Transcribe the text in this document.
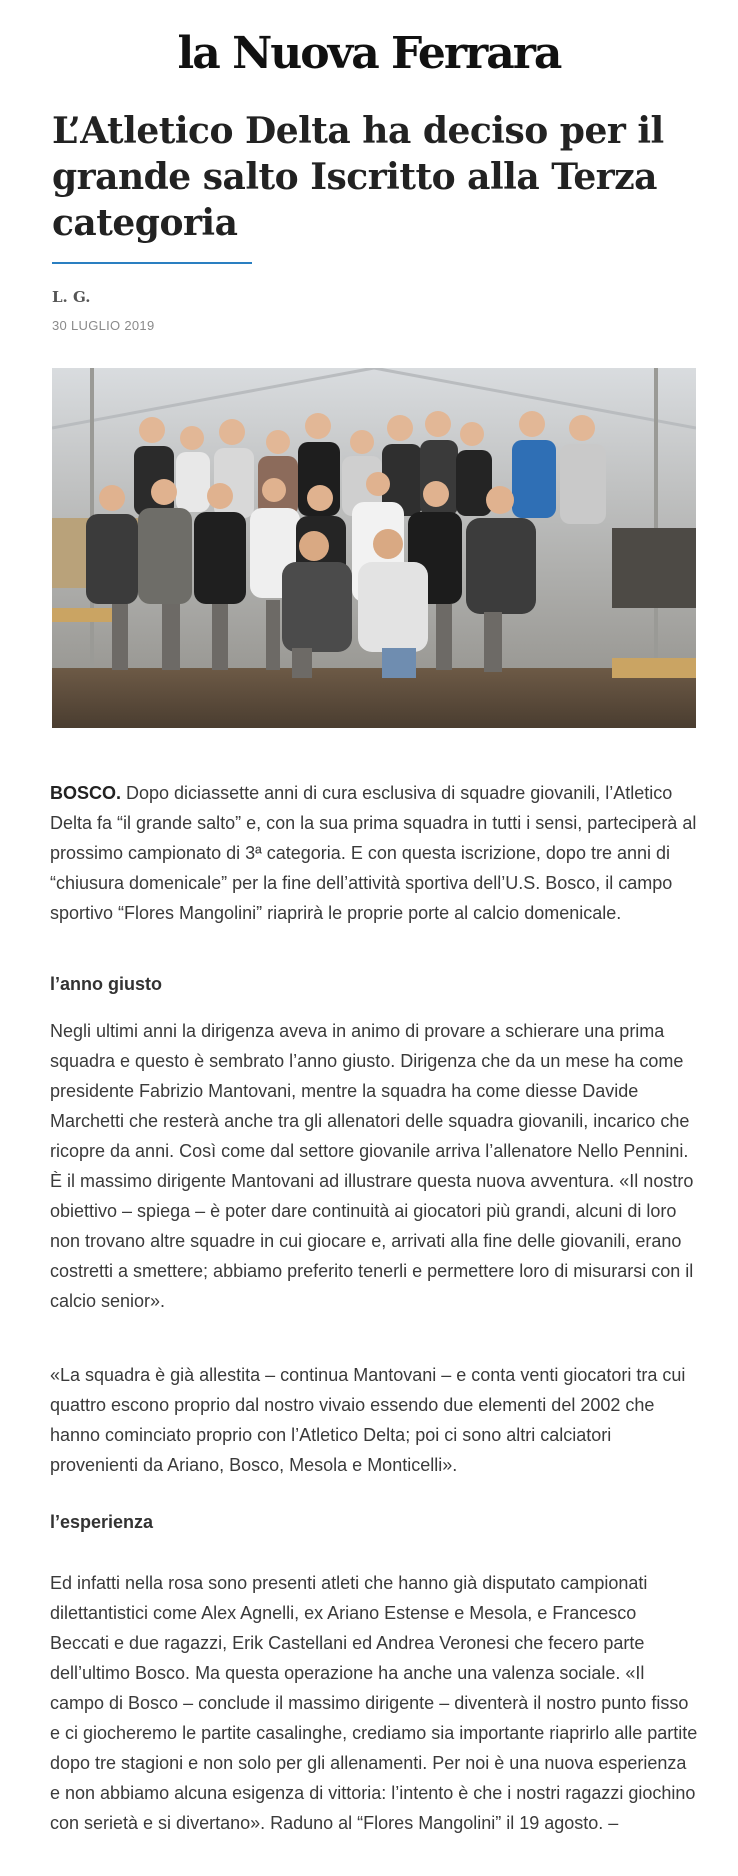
la Nuova Ferrara
L’Atletico Delta ha deciso per il grande salto Iscritto alla Terza categoria

L. G.

30 LUGLIO 2019

BOSCO. Dopo diciassette anni di cura esclusiva di squadre giovanili, l’Atletico Delta fa “il grande salto” e, con la sua prima squadra in tutti i sensi, parteciperà al prossimo campionato di 3ª categoria. E con questa iscrizione, dopo tre anni di “chiusura domenicale” per la fine dell’attività sportiva dell’U.S. Bosco, il campo sportivo “Flores Mangolini” riaprirà le proprie porte al calcio domenicale.

l’anno giusto

Negli ultimi anni la dirigenza aveva in animo di provare a schierare una prima squadra e questo è sembrato l’anno giusto. Dirigenza che da un mese ha come presidente Fabrizio Mantovani, mentre la squadra ha come diesse Davide Marchetti che resterà anche tra gli allenatori delle squadra giovanili, incarico che ricopre da anni. Così come dal settore giovanile arriva l’allenatore Nello Pennini. È il massimo dirigente Mantovani ad illustrare questa nuova avventura. «Il nostro obiettivo – spiega – è poter dare continuità ai giocatori più grandi, alcuni di loro non trovano altre squadre in cui giocare e, arrivati alla fine delle giovanili, erano costretti a smettere; abbiamo preferito tenerli e permettere loro di misurarsi con il calcio senior».

«La squadra è già allestita – continua Mantovani – e conta venti giocatori tra cui quattro escono proprio dal nostro vivaio essendo due elementi del 2002 che hanno cominciato proprio con l’Atletico Delta; poi ci sono altri calciatori provenienti da Ariano, Bosco, Mesola e Monticelli».

l’esperienza

Ed infatti nella rosa sono presenti atleti che hanno già disputato campionati dilettantistici come Alex Agnelli, ex Ariano Estense e Mesola, e Francesco Beccati e due ragazzi, Erik Castellani ed Andrea Veronesi che fecero parte dell’ultimo Bosco. Ma questa operazione ha anche una valenza sociale. «Il campo di Bosco – conclude il massimo dirigente – diventerà il nostro punto fisso e ci giocheremo le partite casalinghe, crediamo sia importante riaprirlo alle partite dopo tre stagioni e non solo per gli allenamenti. Per noi è una nuova esperienza e non abbiamo alcuna esigenza di vittoria: l’intento è che i nostri ragazzi giochino con serietà e si divertano». Raduno al “Flores Mangolini” il 19 agosto. –
